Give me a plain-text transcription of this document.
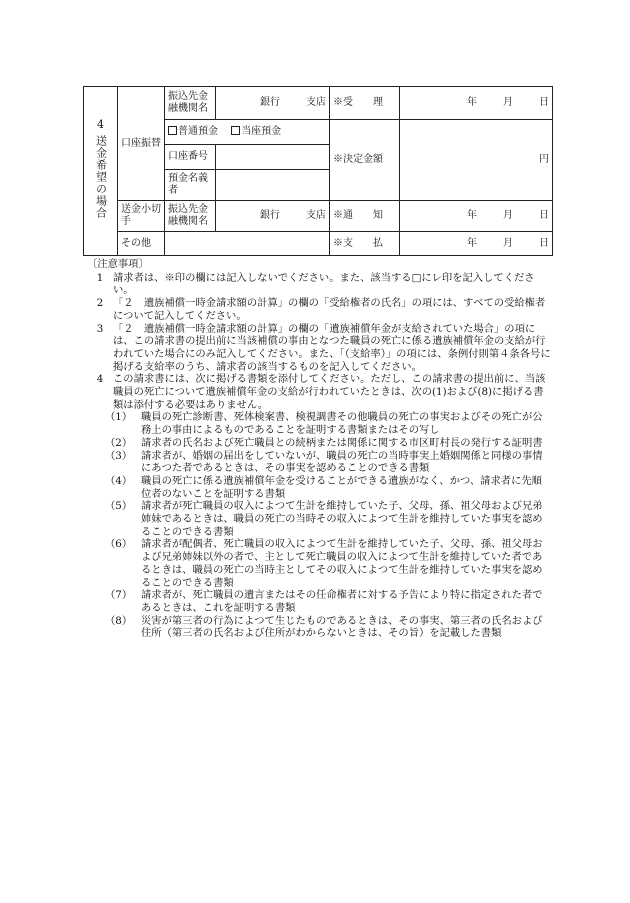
4
送金希望の場合	口座振替	振込先金融機関名	銀行 支店	※受　　理	年 月 日
		普通預金 当座預金		※決定金額	円
		口座番号			
		預金名義者			
	送金小切手	振込先金融機関名	銀行 支店	※通　　知	年 月 日
	その他			※支　　払	年 月 日

〔注意事項〕

1 請求者は、※印の欄には記入しないでください。また、該当する□にレ印を記入してください。

2 「２　遺族補償一時金請求額の計算」の欄の「受給権者の氏名」の項には、すべての受給権者について記入してください。

3 「２　遺族補償一時金請求額の計算」の欄の「遺族補償年金が支給されていた場合」の項には、この請求書の提出前に当該補償の事由となつた職員の死亡に係る遺族補償年金の支給が行われていた場合にのみ記入してください。また、「（支給率）」の項には、条例付則第４条各号に掲げる支給率のうち、請求者の該当するものを記入してください。

4 この請求書には、次に掲げる書類を添付してください。ただし、この請求書の提出前に、当該職員の死亡について遺族補償年金の支給が行われていたときは、次の(1)および(8)に掲げる書類は添付する必要はありません。

（1） 職員の死亡診断書、死体検案書、検視調書その他職員の死亡の事実およびその死亡が公務上の事由によるものであることを証明する書類またはその写し

（2） 請求者の氏名および死亡職員との続柄または関係に関する市区町村長の発行する証明書

（3） 請求者が、婚姻の届出をしていないが、職員の死亡の当時事実上婚姻関係と同様の事情にあつた者であるときは、その事実を認めることのできる書類

（4） 職員の死亡に係る遺族補償年金を受けることができる遺族がなく、かつ、請求者に先順位者のないことを証明する書類

（5） 請求者が死亡職員の収入によつて生計を維持していた子、父母、孫、祖父母および兄弟姉妹であるときは、職員の死亡の当時その収入によつて生計を維持していた事実を認めることのできる書類

（6） 請求者が配偶者、死亡職員の収入によつて生計を維持していた子、父母、孫、祖父母および兄弟姉妹以外の者で、主として死亡職員の収入によつて生計を維持していた者であるときは、職員の死亡の当時主としてその収入によつて生計を維持していた事実を認めることのできる書類

（7） 請求者が、死亡職員の遺言またはその任命権者に対する予告により特に指定された者であるときは、これを証明する書類

（8） 災害が第三者の行為によつて生じたものであるときは、その事実、第三者の氏名および住所（第三者の氏名および住所がわからないときは、その旨）を記載した書類
